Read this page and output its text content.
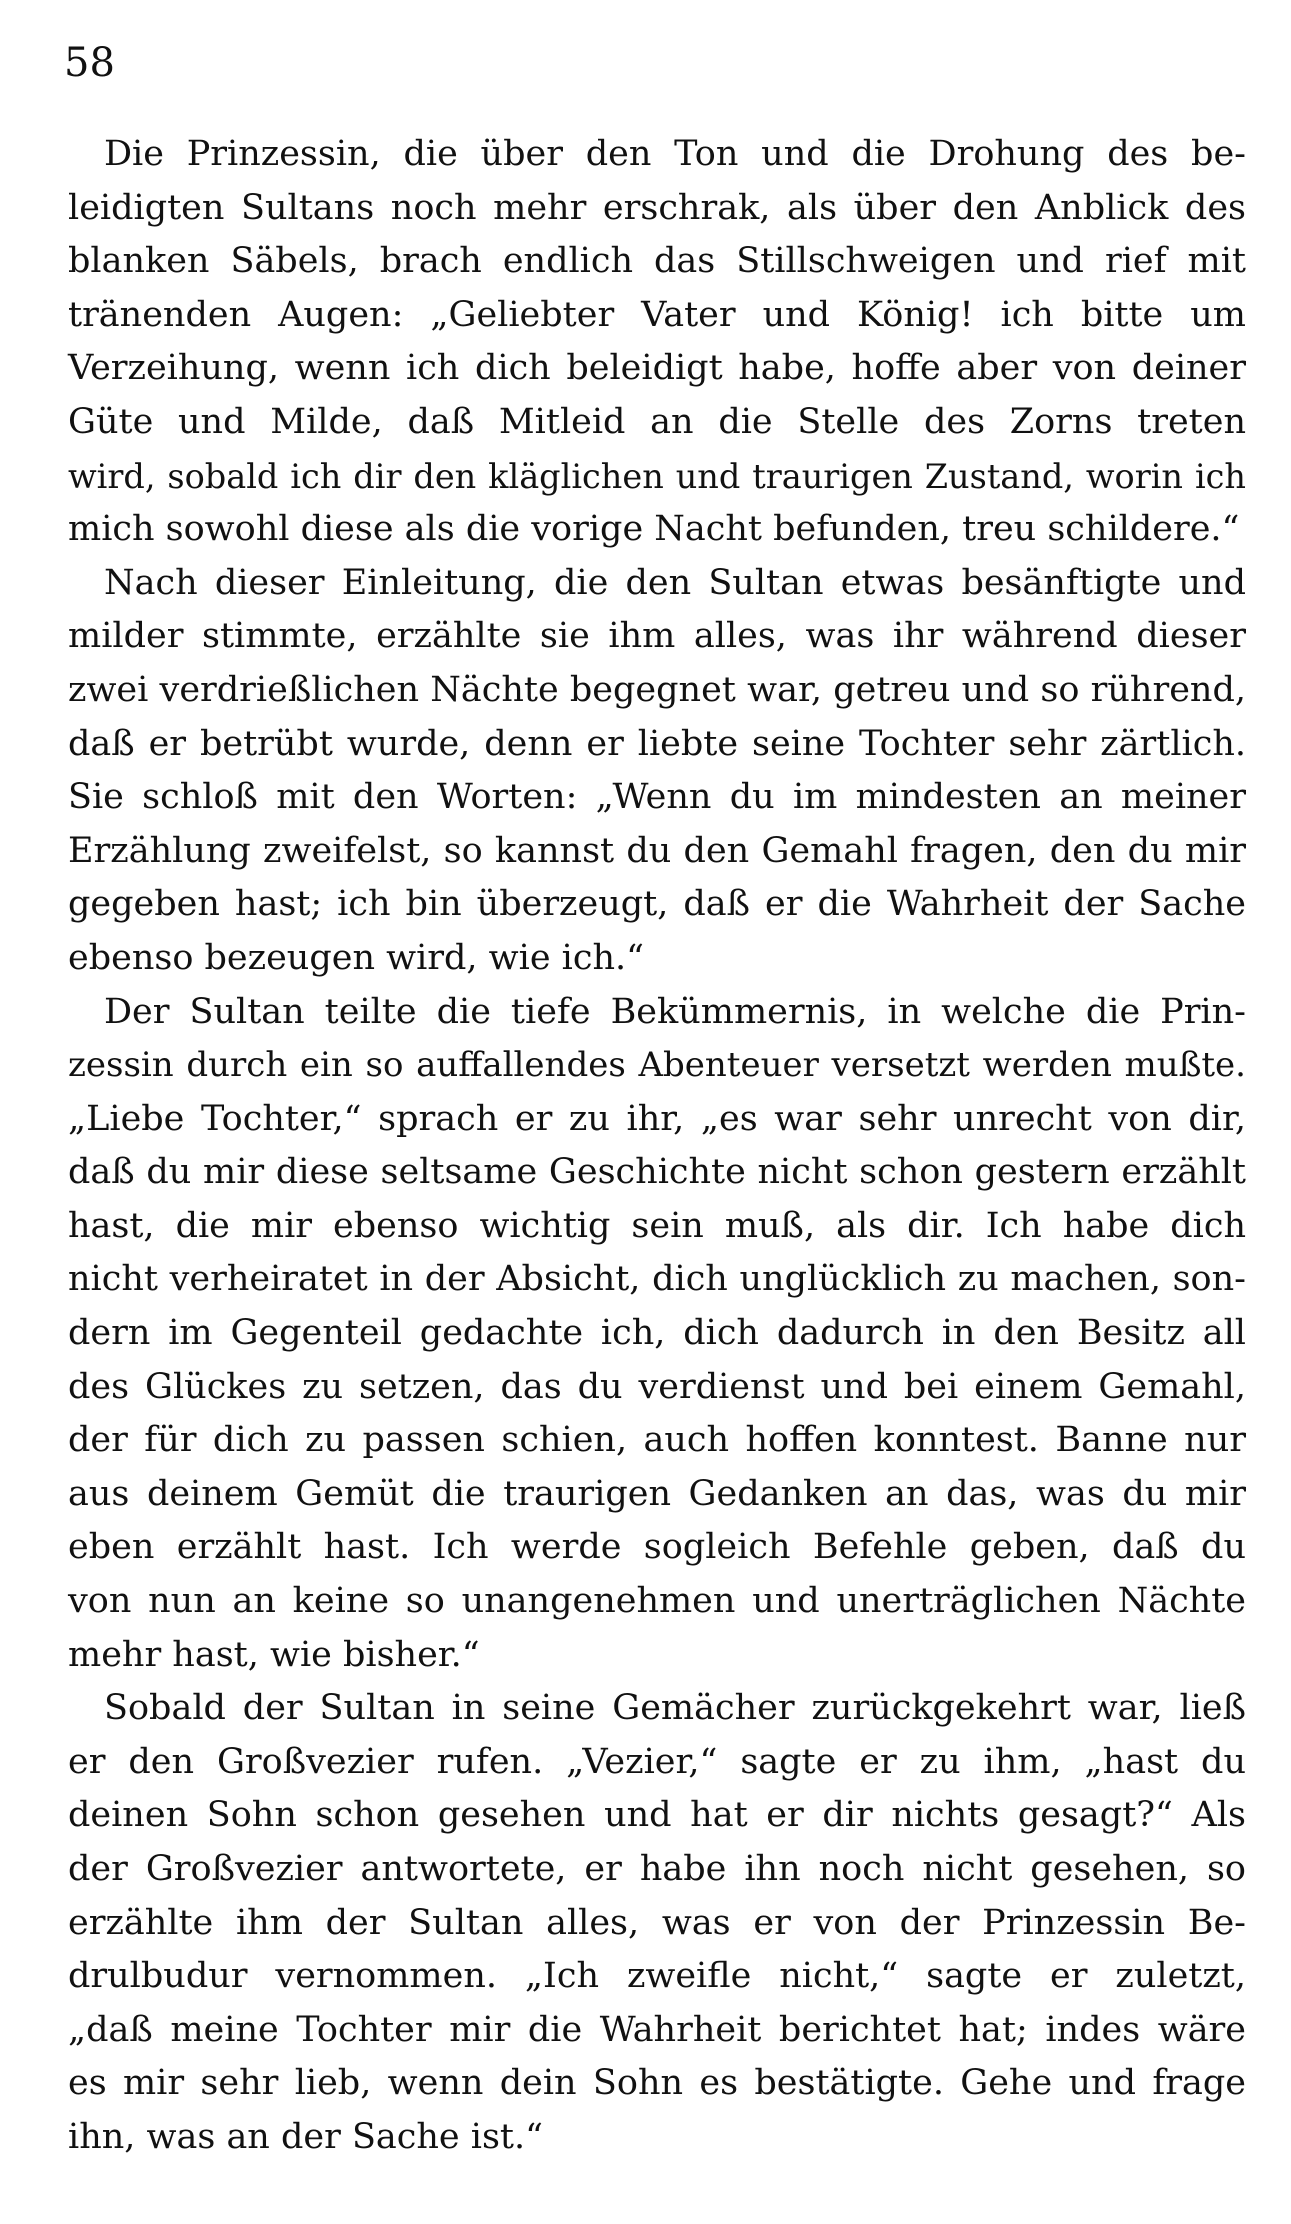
58
Die Prinzessin, die über den Ton und die Drohung des be-
leidigten Sultans noch mehr erschrak, als über den Anblick des
blanken Säbels, brach endlich das Stillschweigen und rief mit
tränenden Augen: „Geliebter Vater und König! ich bitte um
Verzeihung, wenn ich dich beleidigt habe, hoffe aber von deiner
Güte und Milde, daß Mitleid an die Stelle des Zorns treten
wird, sobald ich dir den kläglichen und traurigen Zustand, worin ich
mich sowohl diese als die vorige Nacht befunden, treu schildere.“
Nach dieser Einleitung, die den Sultan etwas besänftigte und
milder stimmte, erzählte sie ihm alles, was ihr während dieser
zwei verdrießlichen Nächte begegnet war, getreu und so rührend,
daß er betrübt wurde, denn er liebte seine Tochter sehr zärtlich.
Sie schloß mit den Worten: „Wenn du im mindesten an meiner
Erzählung zweifelst, so kannst du den Gemahl fragen, den du mir
gegeben hast; ich bin überzeugt, daß er die Wahrheit der Sache
ebenso bezeugen wird, wie ich.“
Der Sultan teilte die tiefe Bekümmernis, in welche die Prin-
zessin durch ein so auffallendes Abenteuer versetzt werden mußte.
„Liebe Tochter,“ sprach er zu ihr, „es war sehr unrecht von dir,
daß du mir diese seltsame Geschichte nicht schon gestern erzählt
hast, die mir ebenso wichtig sein muß, als dir. Ich habe dich
nicht verheiratet in der Absicht, dich unglücklich zu machen, son-
dern im Gegenteil gedachte ich, dich dadurch in den Besitz all
des Glückes zu setzen, das du verdienst und bei einem Gemahl,
der für dich zu passen schien, auch hoffen konntest. Banne nur
aus deinem Gemüt die traurigen Gedanken an das, was du mir
eben erzählt hast. Ich werde sogleich Befehle geben, daß du
von nun an keine so unangenehmen und unerträglichen Nächte
mehr hast, wie bisher.“
Sobald der Sultan in seine Gemächer zurückgekehrt war, ließ
er den Großvezier rufen. „Vezier,“ sagte er zu ihm, „hast du
deinen Sohn schon gesehen und hat er dir nichts gesagt?“ Als
der Großvezier antwortete, er habe ihn noch nicht gesehen, so
erzählte ihm der Sultan alles, was er von der Prinzessin Be-
drulbudur vernommen. „Ich zweifle nicht,“ sagte er zuletzt,
„daß meine Tochter mir die Wahrheit berichtet hat; indes wäre
es mir sehr lieb, wenn dein Sohn es bestätigte. Gehe und frage
ihn, was an der Sache ist.“
